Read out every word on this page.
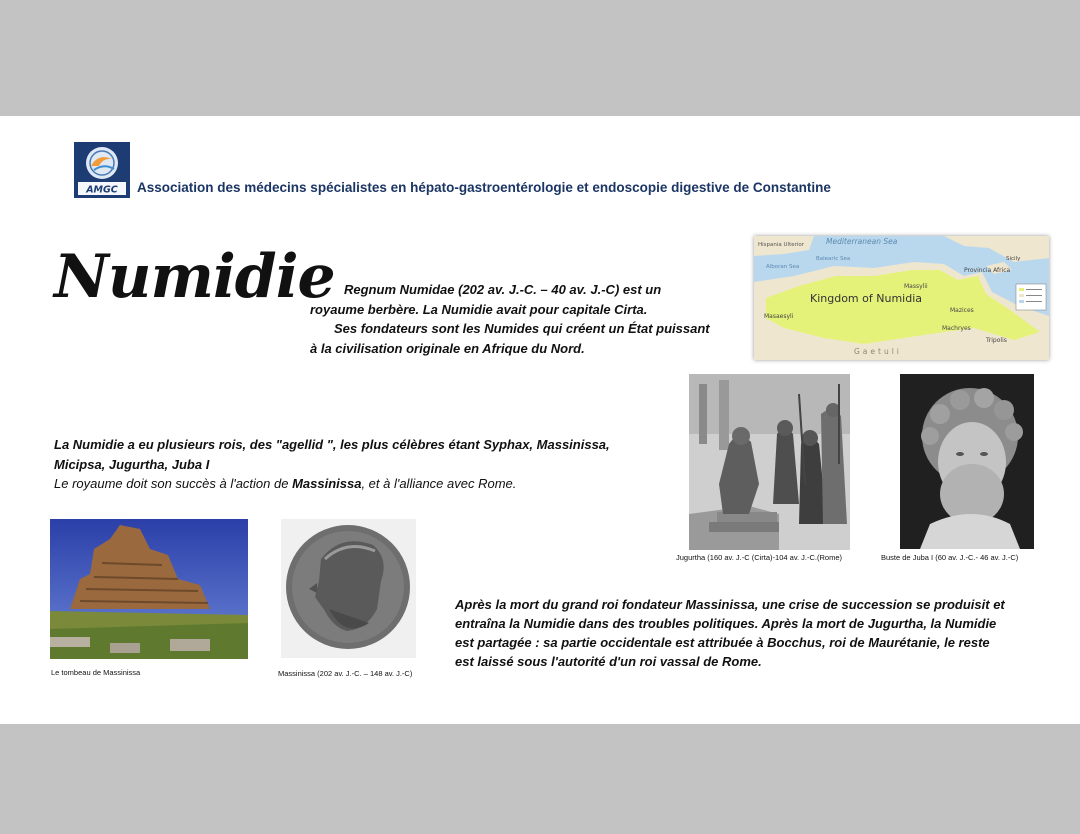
AMGC Association des médecins spécialistes en hépato-gastroentérologie et endoscopie digestive de Constantine
Numidie Regnum Numidae (202 av. J.-C. – 40 av. J.-C) est un
royaume berbère. La Numidie avait pour capitale Cirta.
Ses fondateurs sont les Numides qui créent un État puissant
à la civilisation originale en Afrique du Nord.
Mediterranean Sea
Hispania Ulterior
Alboran Sea
Balearic Sea
Massylii
Provincia Africa
Sicily
Kingdom of Numidia
Masaesyli
Mazices
Machryes
Tripolis
Gaetuli
La Numidie a eu plusieurs rois, des "agellid ", les plus célèbres étant Syphax, Massinissa,
Micipsa, Jugurtha, Juba I
Le royaume doit son succès à l'action de Massinissa, et à l'alliance avec Rome.
Jugurtha (160 av. J.-C (Cirta)-104 av. J.-C.(Rome)	Buste de Juba I (60 av. J.-C.- 46 av. J.-C)
Le tombeau de Massinissa	Massinissa (202 av. J.-C. – 148 av. J.-C)
Après la mort du grand roi fondateur Massinissa, une crise de succession se produisit et
entraîna la Numidie dans des troubles politiques. Après la mort de Jugurtha, la Numidie
est partagée : sa partie occidentale est attribuée à Bocchus, roi de Maurétanie, le reste
est laissé sous l'autorité d'un roi vassal de Rome.
